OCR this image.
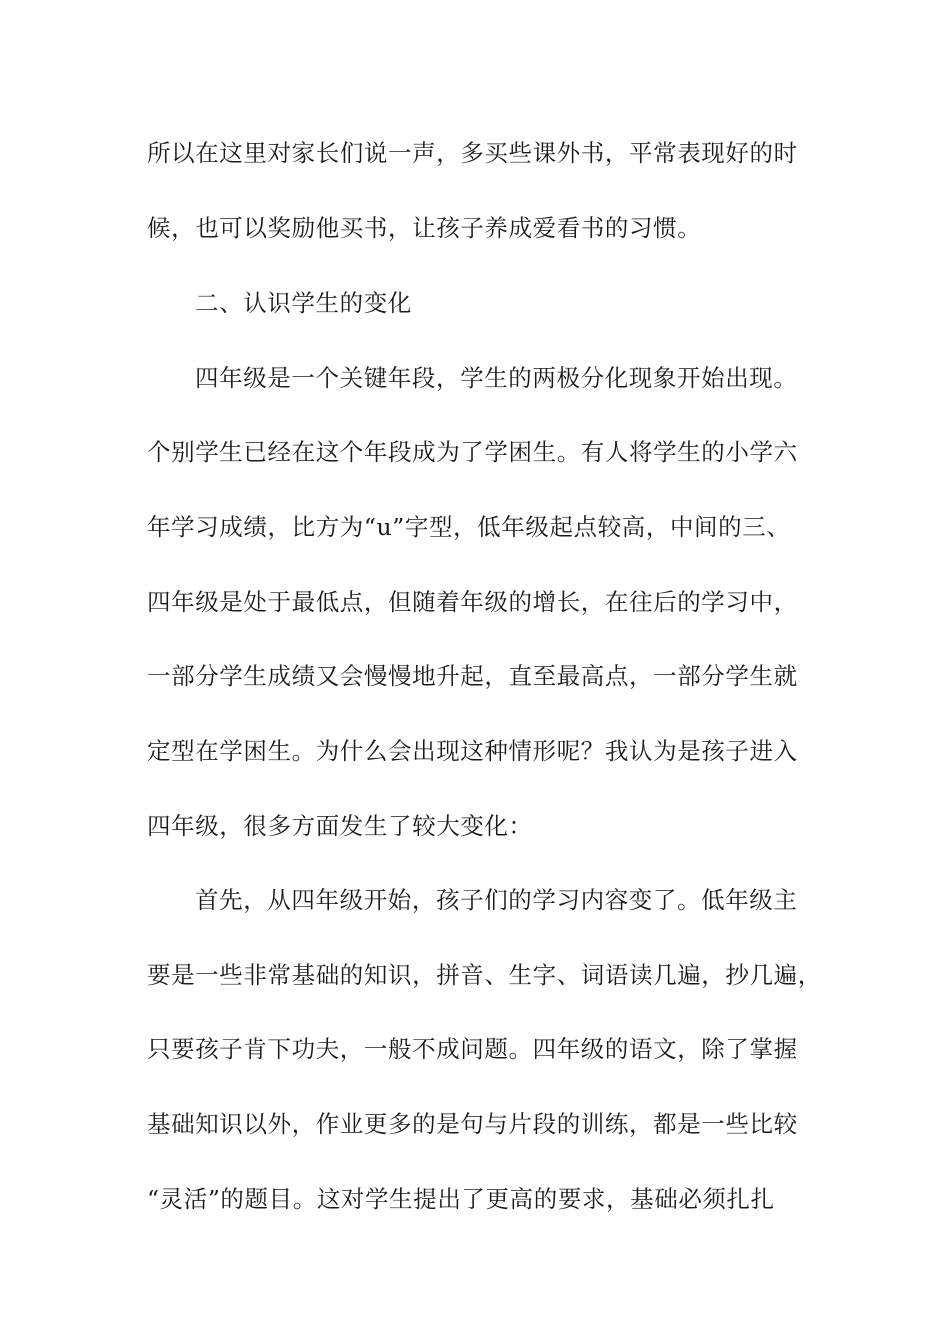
所以在这里对家长们说一声，多买些课外书，平常表现好的时
候，也可以奖励他买书，让孩子养成爱看书的习惯。
二、认识学生的变化
四年级是一个关键年段，学生的两极分化现象开始出现。
个别学生已经在这个年段成为了学困生。有人将学生的小学六
年学习成绩，比方为“u”字型，低年级起点较高，中间的三、
四年级是处于最低点，但随着年级的增长，在往后的学习中，
一部分学生成绩又会慢慢地升起，直至最高点，一部分学生就
定型在学困生。为什么会出现这种情形呢？我认为是孩子进入
四年级，很多方面发生了较大变化：
首先，从四年级开始，孩子们的学习内容变了。低年级主
要是一些非常基础的知识，拼音、生字、词语读几遍，抄几遍，
只要孩子肯下功夫，一般不成问题。四年级的语文，除了掌握
基础知识以外，作业更多的是句与片段的训练，都是一些比较
“灵活”的题目。这对学生提出了更高的要求，基础必须扎扎
